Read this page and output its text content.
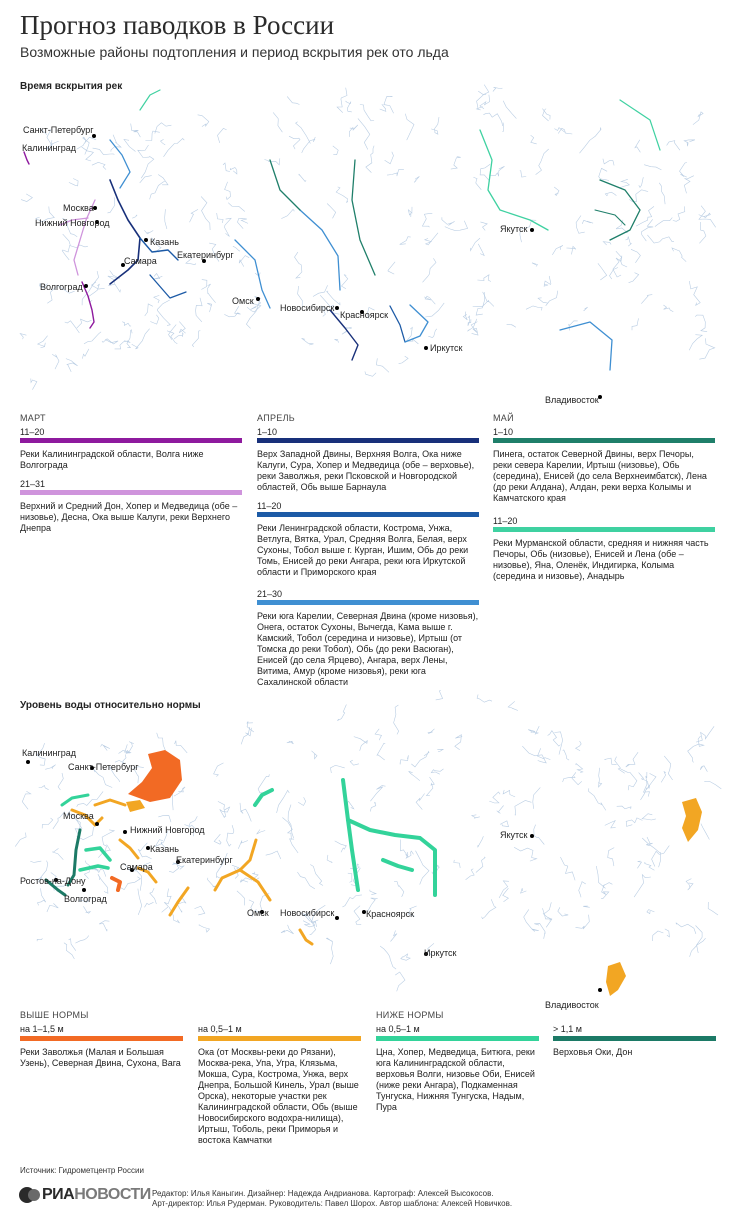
Прогноз паводков в России
Возможные районы подтопления и период вскрытия рек ото льда
Время вскрытия рек
Санкт-Петербург
Калининград
Москва
Нижний Новгород
Казань
Самара
Екатеринбург
Волгоград
Омск
Новосибирск
Красноярск
Иркутск
Якутск
Владивосток
МАРТ
11–20
Реки Калининградской области, Волга ниже Волгограда
21–31
Верхний и Средний Дон, Хопер и Медведица (обе – низовье), Десна, Ока выше Калуги, реки Верхнего Днепра
АПРЕЛЬ
1–10
Верх Западной Двины, Верхняя Волга, Ока ниже Калуги, Сура, Хопер и Медведица (обе – верховье), реки Заволжья, реки Псковской и Новгородской областей, Обь выше Барнаула
11–20
Реки Ленинградской области, Кострома, Унжа, Ветлуга, Вятка, Урал, Средняя Волга, Белая, верх Сухоны, Тобол выше г. Курган, Ишим, Обь до реки Томь, Енисей до реки Ангара, реки юга Иркутской области и Приморского края
21–30
Реки юга Карелии, Северная Двина (кроме низовья), Онега, остаток Сухоны, Вычегда, Кама выше г. Камский, Тобол (середина и низовье), Иртыш (от Томска до реки Тобол), Обь (до реки Васюган), Енисей (до села Ярцево), Ангара, верх Лены, Витима, Амур (кроме низовья), реки юга Сахалинской области
МАЙ
1–10
Пинега, остаток Северной Двины, верх Печоры, реки севера Карелии, Иртыш (низовье), Обь (середина), Енисей (до села Верхнеимбатск), Лена (до реки Алдана), Алдан, реки верха Колымы и Камчатского края
11–20
Реки Мурманской области, средняя и нижняя часть Печоры, Обь (низовье), Енисей и Лена (обе – низовье), Яна, Оленёк, Индигирка, Колыма (середина и низовье), Анадырь
Уровень воды относительно нормы
Калининград
Санкт-Петербург
Москва
Нижний Новгород
Казань
Самара
Екатеринбург
Ростов-на-Дону
Волгоград
Омск Новосибирск	Красноярск
Иркутск
Якутск
Владивосток
ВЫШЕ НОРМЫ
на 1–1,5 м
Реки Заволжья (Малая и Большая Узень), Северная Двина, Сухона, Вага
на 0,5–1 м
Ока (от Москвы-реки до Рязани), Москва-река, Упа, Угра, Клязьма, Мокша, Сура, Кострома, Унжа, верх Днепра, Большой Кинель, Урал (выше Орска), некоторые участки рек Калининградской области, Обь (выше Новосибирского водохра-нилища), Иртыш, Тоболь, реки Приморья и востока Камчатки
НИЖЕ НОРМЫ
на 0,5–1 м
Цна, Хопер, Медведица, Битюга, реки юга Калининградской области, верховья Волги, низовье Оби, Енисей (ниже реки Ангара), Подкаменная Тунгуска, Нижняя Тунгуска, Надым, Пура
> 1,1 м
Верховья Оки, Дон
Источник: Гидрометцентр России
РИА НОВОСТИ Редактор: Илья Каныгин. Дизайнер: Надежда Андрианова. Картограф: Алексей Высокосов.
Арт-директор: Илья Рудерман. Руководитель: Павел Шорох. Автор шаблона: Алексей Новичков.
